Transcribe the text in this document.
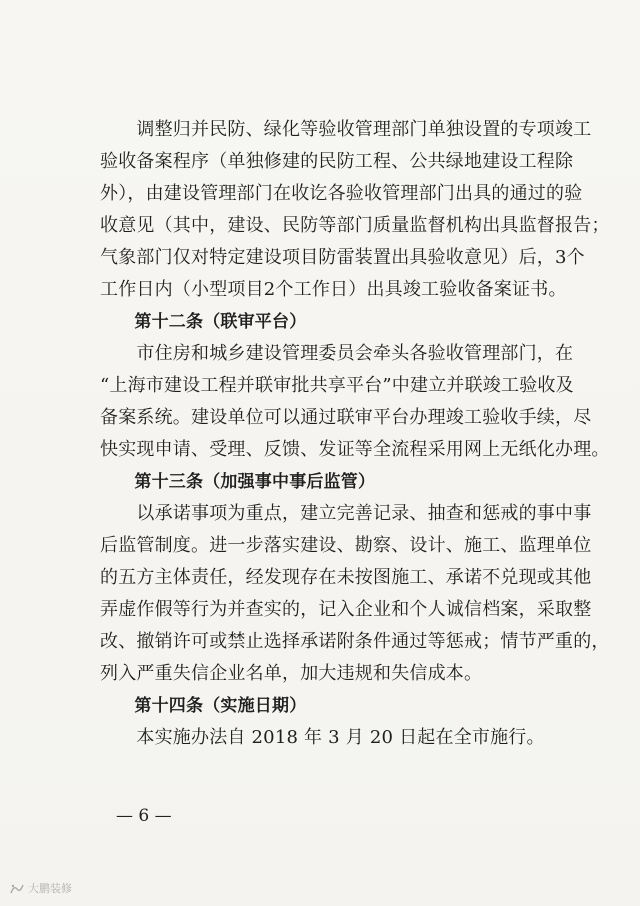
　　调整归并民防、绿化等验收管理部门单独设置的专项竣工
验收备案程序（单独修建的民防工程、公共绿地建设工程除
外），由建设管理部门在收讫各验收管理部门出具的通过的验
收意见（其中，建设、民防等部门质量监督机构出具监督报告；
气象部门仅对特定建设项目防雷装置出具验收意见）后，3个
工作日内（小型项目2个工作日）出具竣工验收备案证书。
　　第十二条（联审平台）
　　市住房和城乡建设管理委员会牵头各验收管理部门，在
“上海市建设工程并联审批共享平台”中建立并联竣工验收及
备案系统。建设单位可以通过联审平台办理竣工验收手续，尽
快实现申请、受理、反馈、发证等全流程采用网上无纸化办理。
　　第十三条（加强事中事后监管）
　　以承诺事项为重点，建立完善记录、抽查和惩戒的事中事
后监管制度。进一步落实建设、勘察、设计、施工、监理单位
的五方主体责任，经发现存在未按图施工、承诺不兑现或其他
弄虚作假等行为并查实的，记入企业和个人诚信档案，采取整
改、撤销许可或禁止选择承诺附条件通过等惩戒；情节严重的，
列入严重失信企业名单，加大违规和失信成本。
　　第十四条（实施日期）
　　本实施办法自 2018 年 3 月 20 日起在全市施行。
— 6 —
大鹏装修
